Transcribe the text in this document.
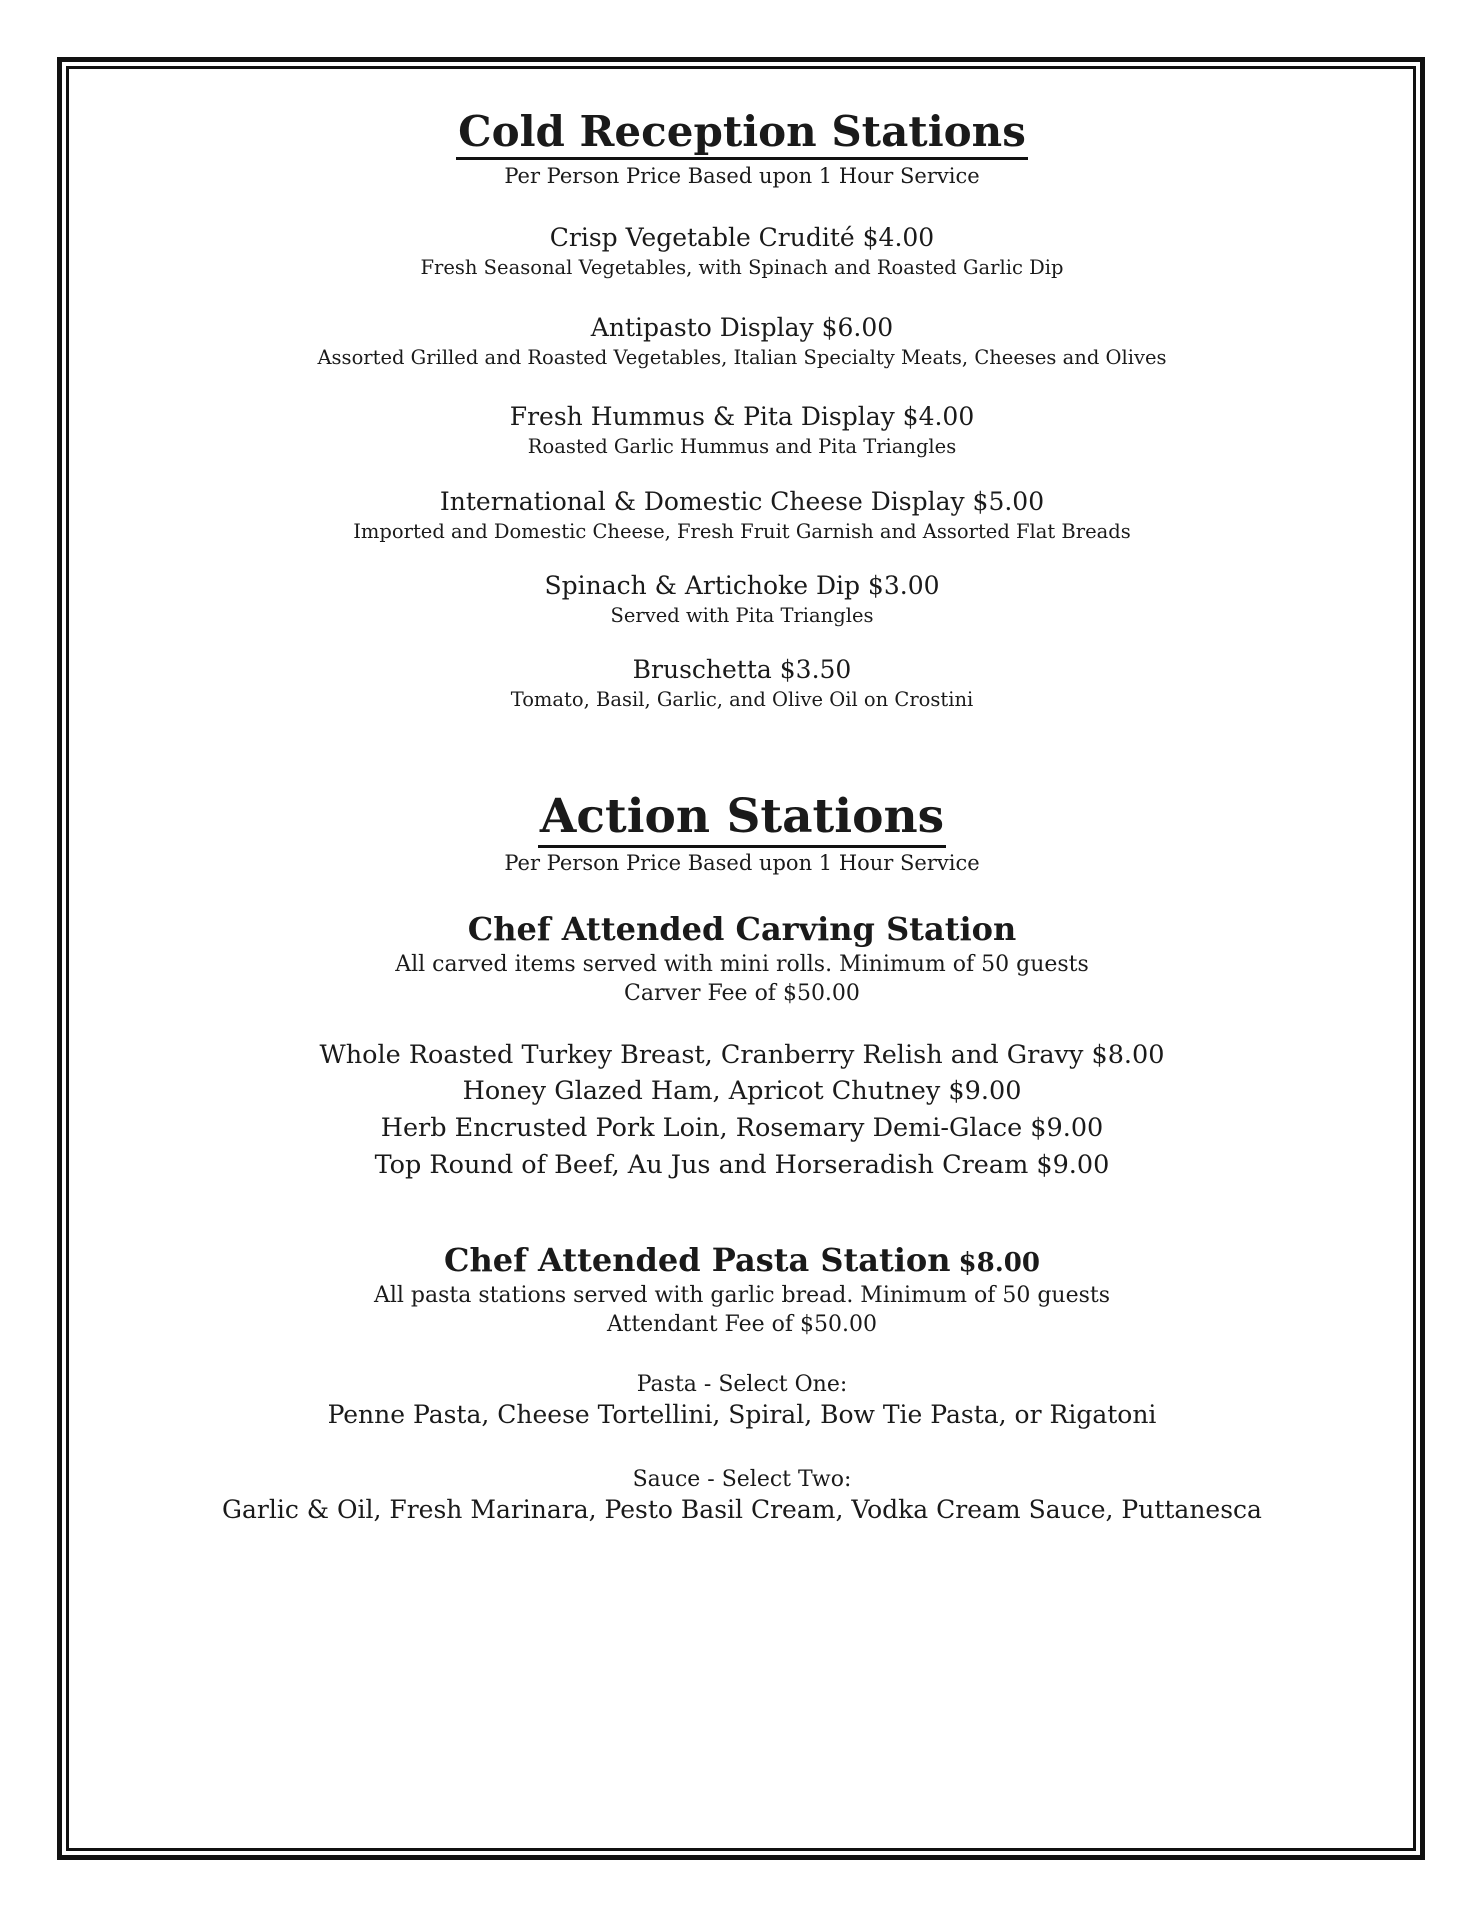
Cold Reception Stations
Per Person Price Based upon 1 Hour Service
Crisp Vegetable Crudité $4.00
Fresh Seasonal Vegetables, with Spinach and Roasted Garlic Dip
Antipasto Display $6.00
Assorted Grilled and Roasted Vegetables, Italian Specialty Meats, Cheeses and Olives
Fresh Hummus & Pita Display $4.00
Roasted Garlic Hummus and Pita Triangles
International & Domestic Cheese Display $5.00
Imported and Domestic Cheese, Fresh Fruit Garnish and Assorted Flat Breads
Spinach & Artichoke Dip $3.00
Served with Pita Triangles
Bruschetta $3.50
Tomato, Basil, Garlic, and Olive Oil on Crostini
Action Stations
Per Person Price Based upon 1 Hour Service
Chef Attended Carving Station
All carved items served with mini rolls. Minimum of 50 guests
Carver Fee of $50.00
Whole Roasted Turkey Breast, Cranberry Relish and Gravy $8.00
Honey Glazed Ham, Apricot Chutney $9.00
Herb Encrusted Pork Loin, Rosemary Demi-Glace $9.00
Top Round of Beef, Au Jus and Horseradish Cream $9.00
Chef Attended Pasta Station $8.00
All pasta stations served with garlic bread. Minimum of 50 guests
Attendant Fee of $50.00
Pasta - Select One:
Penne Pasta, Cheese Tortellini, Spiral, Bow Tie Pasta, or Rigatoni
Sauce - Select Two:
Garlic & Oil, Fresh Marinara, Pesto Basil Cream, Vodka Cream Sauce, Puttanesca
